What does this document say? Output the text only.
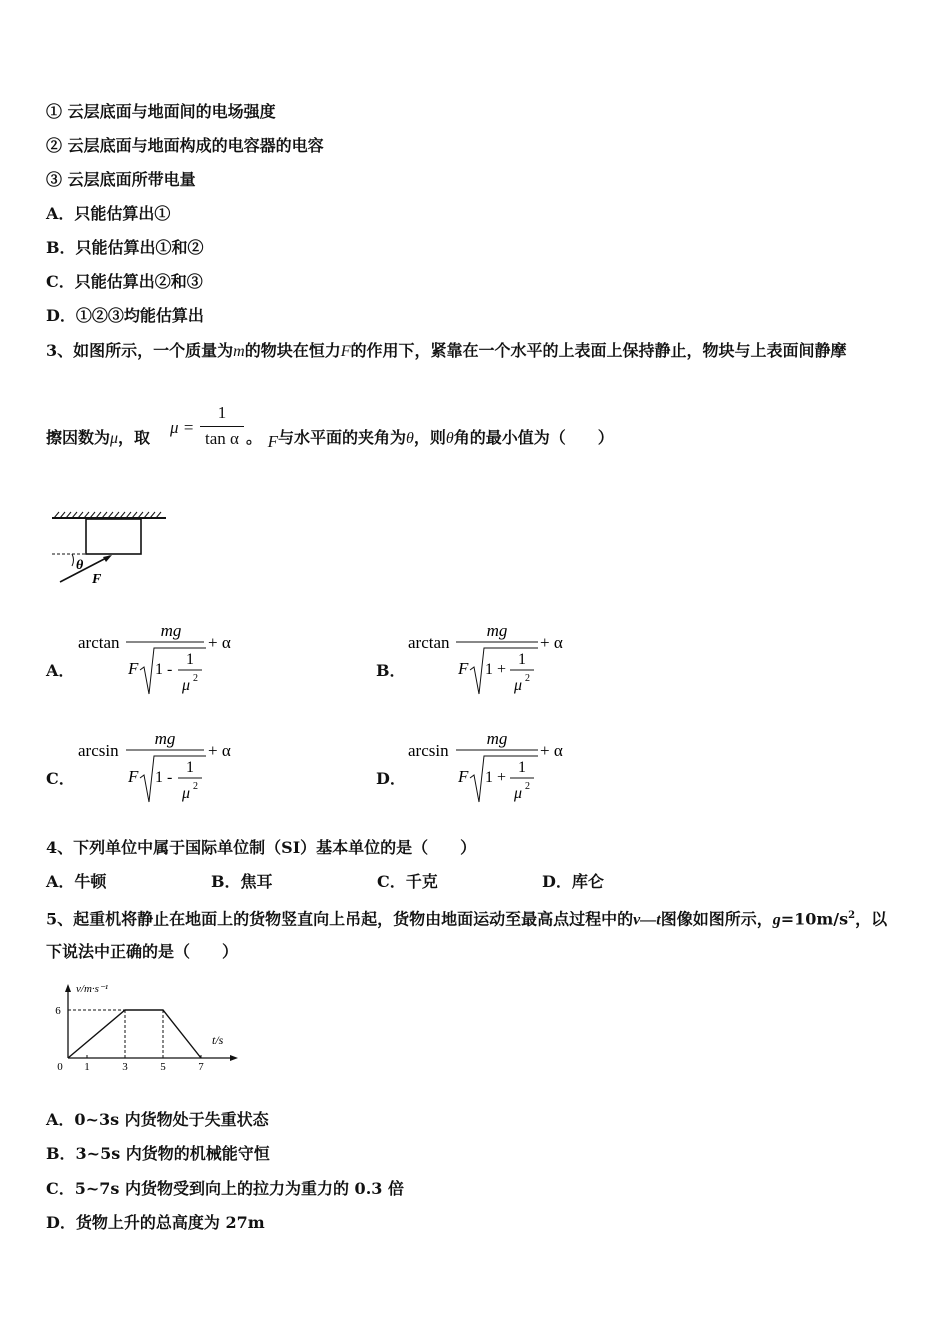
① 云层底面与地面间的电场强度
② 云层底面与地面构成的电容器的电容
③ 云层底面所带电量
A．只能估算出①
B．只能估算出①和②
C．只能估算出②和③
D．①②③均能估算出
3、如图所示，一个质量为m的物块在恒力F的作用下，紧靠在一个水平的上表面上保持静止，物块与上表面间静摩
擦因数为μ，取
μ =
1
tan α 。 F与水平面的夹角为θ，则θ角的最小值为（　　）
θ
F
A．
arctan
mg
F 1 -
1
μ 2
+ α
B．
arctan
mg
F 1 +
1
μ 2
+ α
C．
arcsin
mg
F 1 -
1
μ 2
+ α
D．
arcsin
mg
F 1 +
1
μ 2
+ α
4、下列单位中属于国际单位制（SI）基本单位的是（　　）
A．牛顿	B．焦耳	C．千克	D．库仑
5、起重机将静止在地面上的货物竖直向上吊起，货物由地面运动至最高点过程中的v—t图像如图所示，$g=10m/s^2$，以
下说法中正确的是（　　）
v/m·s⁻¹
t/s
0 1	3	5	7
6
A．0~3s 内货物处于失重状态
B．3~5s 内货物的机械能守恒
C．5~7s 内货物受到向上的拉力为重力的 0.3 倍
D．货物上升的总高度为 27m
